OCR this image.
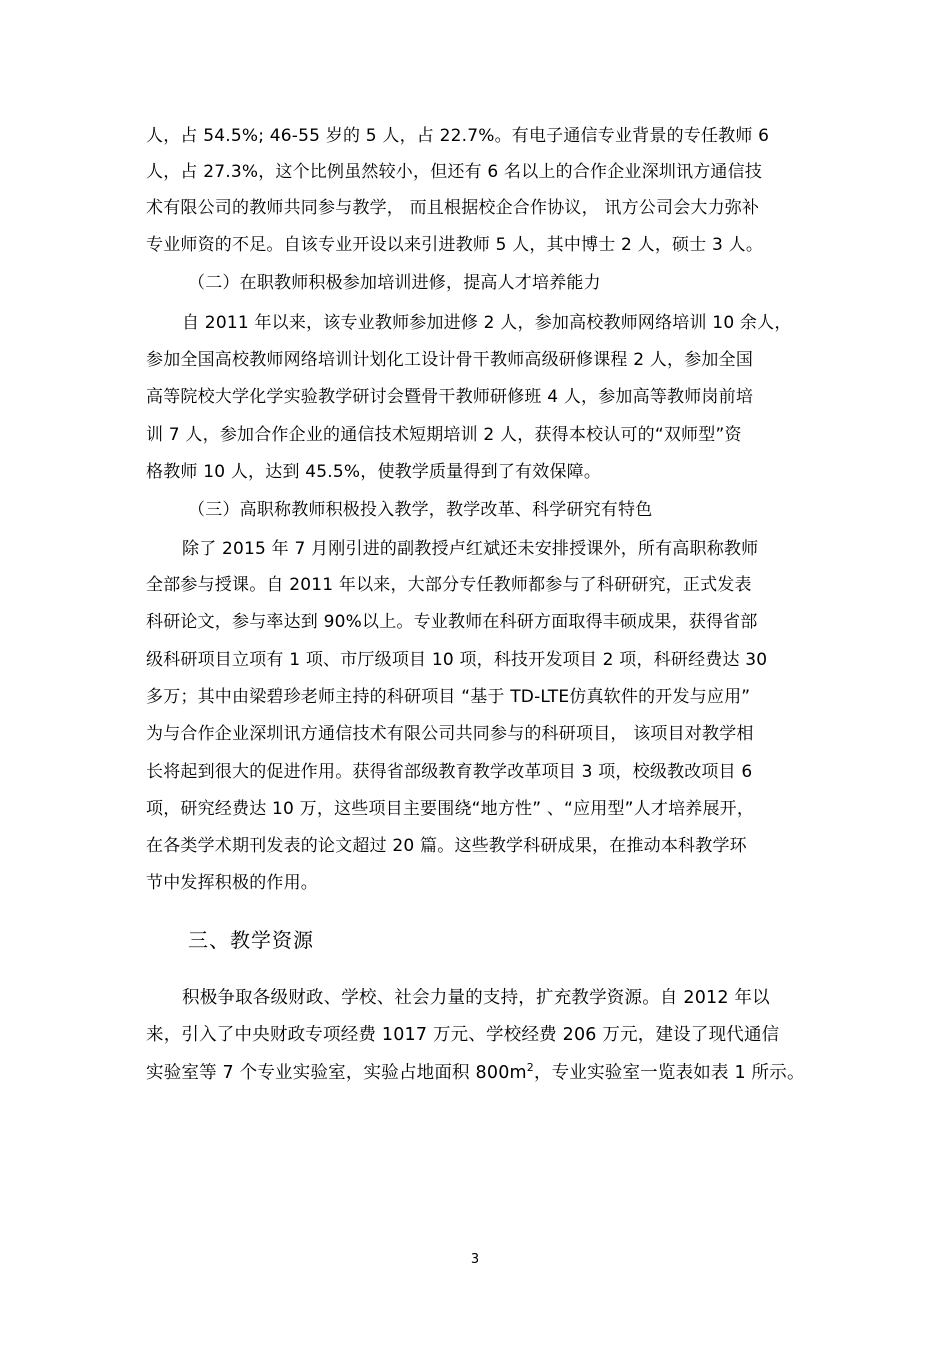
人，占 54.5%; 46-55 岁的 5 人，占 22.7%。有电子通信专业背景的专任教师 6
人，占 27.3%，这个比例虽然较小，但还有 6 名以上的合作企业深圳讯方通信技
术有限公司的教师共同参与教学， 而且根据校企合作协议， 讯方公司会大力弥补
专业师资的不足。自该专业开设以来引进教师 5 人，其中博士 2 人，硕士 3 人。
（二）在职教师积极参加培训进修，提高人才培养能力
自 2011 年以来，该专业教师参加进修 2 人，参加高校教师网络培训 10 余人，
参加全国高校教师网络培训计划化工设计骨干教师高级研修课程 2 人，参加全国
高等院校大学化学实验教学研讨会暨骨干教师研修班 4 人，参加高等教师岗前培
训 7 人，参加合作企业的通信技术短期培训 2 人，获得本校认可的“双师型”资
格教师 10 人，达到 45.5%，使教学质量得到了有效保障。
（三）高职称教师积极投入教学，教学改革、科学研究有特色
除了 2015 年 7 月刚引进的副教授卢红斌还未安排授课外，所有高职称教师
全部参与授课。自 2011 年以来，大部分专任教师都参与了科研研究，正式发表
科研论文，参与率达到 90%以上。专业教师在科研方面取得丰硕成果，获得省部
级科研项目立项有 1 项、市厅级项目 10 项，科技开发项目 2 项，科研经费达 30
多万；其中由梁碧珍老师主持的科研项目 “基于 TD-LTE仿真软件的开发与应用”
为与合作企业深圳讯方通信技术有限公司共同参与的科研项目， 该项目对教学相
长将起到很大的促进作用。获得省部级教育教学改革项目 3 项，校级教改项目 6
项，研究经费达 10 万，这些项目主要围绕“地方性” 、“应用型”人才培养展开，
在各类学术期刊发表的论文超过 20 篇。这些教学科研成果，在推动本科教学环
节中发挥积极的作用。
三、教学资源
积极争取各级财政、学校、社会力量的支持，扩充教学资源。自 2012 年以
来，引入了中央财政专项经费 1017 万元、学校经费 206 万元，建设了现代通信
实验室等 7 个专业实验室，实验占地面积 $800m^2$，专业实验室一览表如表 1 所示。
3
